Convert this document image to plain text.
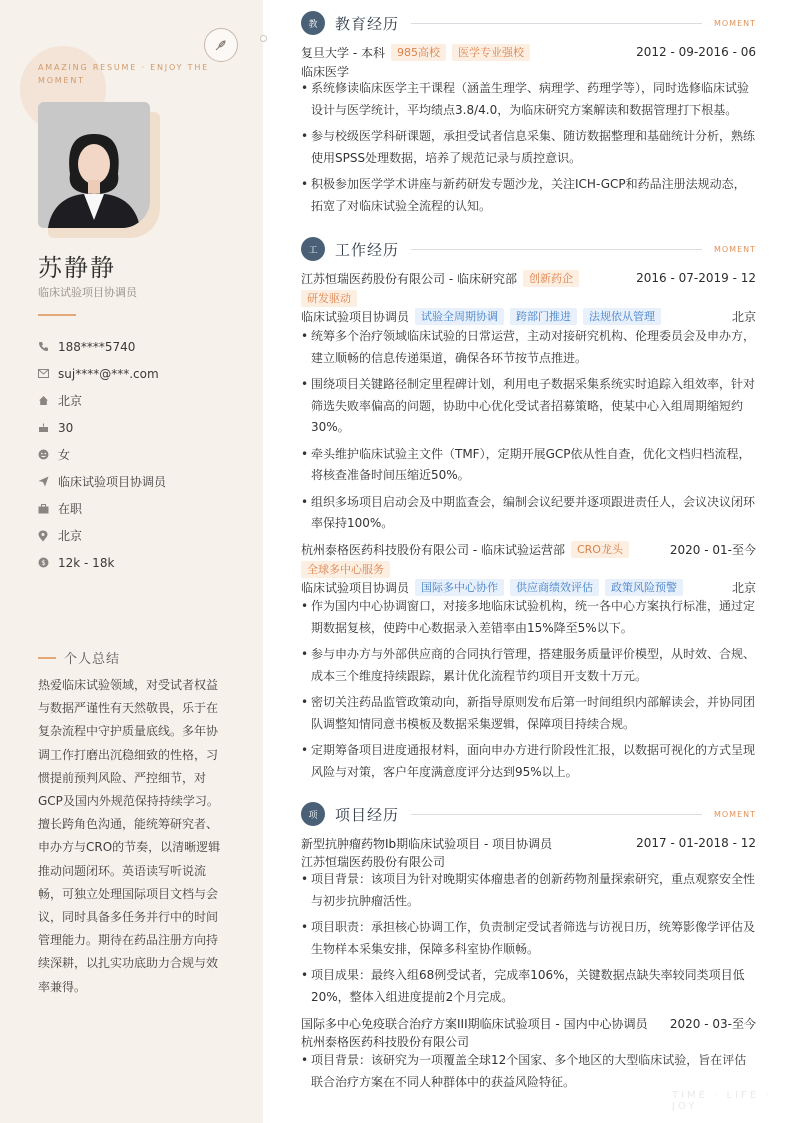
AMAZING RESUME · ENJOY THE MOMENT
苏静静
临床试验项目协调员
188****5740
suj****@***.com
北京
30
女
临床试验项目协调员
在职
北京
$ 12k - 18k
个人总结
热爱临床试验领域，对受试者权益与数据严谨性有天然敬畏，乐于在复杂流程中守护质量底线。多年协调工作打磨出沉稳细致的性格，习惯提前预判风险、严控细节，对GCP及国内外规范保持持续学习。擅长跨角色沟通，能统筹研究者、申办方与CRO的节奏，以清晰逻辑推动问题闭环。英语读写听说流畅，可独立处理国际项目文档与会议，同时具备多任务并行中的时间管理能力。期待在药品注册方向持续深耕，以扎实功底助力合规与效率兼得。
教	教育经历	MOMENT
复旦大学 - 本科	985高校	医学专业强校	2012 - 09-2016 - 06
临床医学
• 系统修读临床医学主干课程（涵盖生理学、病理学、药理学等），同时选修临床试验设计与医学统计，平均绩点3.8/4.0，为临床研究方案解读和数据管理打下根基。
• 参与校级医学科研课题，承担受试者信息采集、随访数据整理和基础统计分析，熟练使用SPSS处理数据，培养了规范记录与质控意识。
• 积极参加医学学术讲座与新药研发专题沙龙，关注ICH-GCP和药品注册法规动态，拓宽了对临床试验全流程的认知。
工	工作经历	MOMENT
江苏恒瑞医药股份有限公司 - 临床研究部	创新药企	2016 - 07-2019 - 12
研发驱动
临床试验项目协调员	试验全周期协调	跨部门推进	法规依从管理	北京
• 统筹多个治疗领域临床试验的日常运营，主动对接研究机构、伦理委员会及申办方，建立顺畅的信息传递渠道，确保各环节按节点推进。
• 围绕项目关键路径制定里程碑计划，利用电子数据采集系统实时追踪入组效率，针对筛选失败率偏高的问题，协助中心优化受试者招募策略，使某中心入组周期缩短约30%。
• 牵头维护临床试验主文件（TMF），定期开展GCP依从性自查，优化文档归档流程，将核查准备时间压缩近50%。
• 组织多场项目启动会及中期监查会，编制会议纪要并逐项跟进责任人，会议决议闭环率保持100%。
杭州泰格医药科技股份有限公司 - 临床试验运营部	CRO龙头	2020 - 01-至今
全球多中心服务
临床试验项目协调员	国际多中心协作	供应商绩效评估	政策风险预警	北京
• 作为国内中心协调窗口，对接多地临床试验机构，统一各中心方案执行标准，通过定期数据复核，使跨中心数据录入差错率由15%降至5%以下。
• 参与申办方与外部供应商的合同执行管理，搭建服务质量评价模型，从时效、合规、成本三个维度持续跟踪，累计优化流程节约项目开支数十万元。
• 密切关注药品监管政策动向，新指导原则发布后第一时间组织内部解读会，并协同团队调整知情同意书模板及数据采集逻辑，保障项目持续合规。
• 定期筹备项目进度通报材料，面向申办方进行阶段性汇报，以数据可视化的方式呈现风险与对策，客户年度满意度评分达到95%以上。
项	项目经历	MOMENT
新型抗肿瘤药物Ib期临床试验项目 - 项目协调员	2017 - 01-2018 - 12
江苏恒瑞医药股份有限公司
• 项目背景：该项目为针对晚期实体瘤患者的创新药物剂量探索研究，重点观察安全性与初步抗肿瘤活性。
• 项目职责：承担核心协调工作，负责制定受试者筛选与访视日历，统筹影像学评估及生物样本采集安排，保障多科室协作顺畅。
• 项目成果：最终入组68例受试者，完成率106%，关键数据点缺失率较同类项目低20%，整体入组进度提前2个月完成。
国际多中心免疫联合治疗方案III期临床试验项目 - 国内中心协调员 2020 - 03-至今
杭州泰格医药科技股份有限公司
• 项目背景：该研究为一项覆盖全球12个国家、多个地区的大型临床试验，旨在评估联合治疗方案在不同人种群体中的获益风险特征。
TIME · LIFE · JOY
